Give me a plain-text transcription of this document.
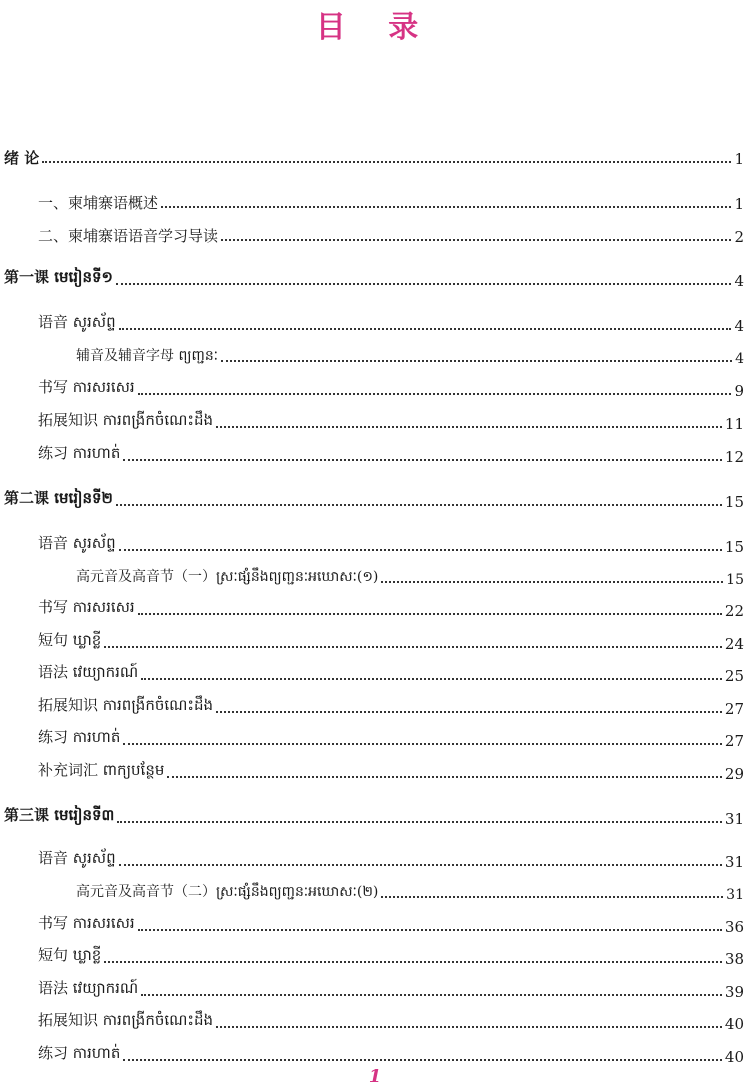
目 录
绪 论	1
一、柬埔寨语概述	1
二、柬埔寨语语音学习导读	2
第一课 មេរៀនទី១	4
语音 សូរស័ព្ទ	4
辅音及辅音字母 ព្យញ្ជនៈ	4
书写 ការសរសេរ	9
拓展知识 ការពង្រីកចំណេះដឹង	11
练习 ការហាត់	12
第二课 មេរៀនទី២	15
语音 សូរស័ព្ទ	15
高元音及高音节（一）ស្រៈផ្សំនឹងព្យញ្ជនៈអឃោសៈ(១)	15
书写 ការសរសេរ	22
短句 ឃ្លាខ្លី	24
语法 វេយ្យាករណ៍	25
拓展知识 ការពង្រីកចំណេះដឹង	27
练习 ការហាត់	27
补充词汇 ពាក្យបន្ថែម	29
第三课 មេរៀនទី៣	31
语音 សូរស័ព្ទ	31
高元音及高音节（二）ស្រៈផ្សំនឹងព្យញ្ជនៈអឃោសៈ(២)	31
书写 ការសរសេរ	36
短句 ឃ្លាខ្លី	38
语法 វេយ្យាករណ៍	39
拓展知识 ការពង្រីកចំណេះដឹង	40
练习 ការហាត់	40
1
